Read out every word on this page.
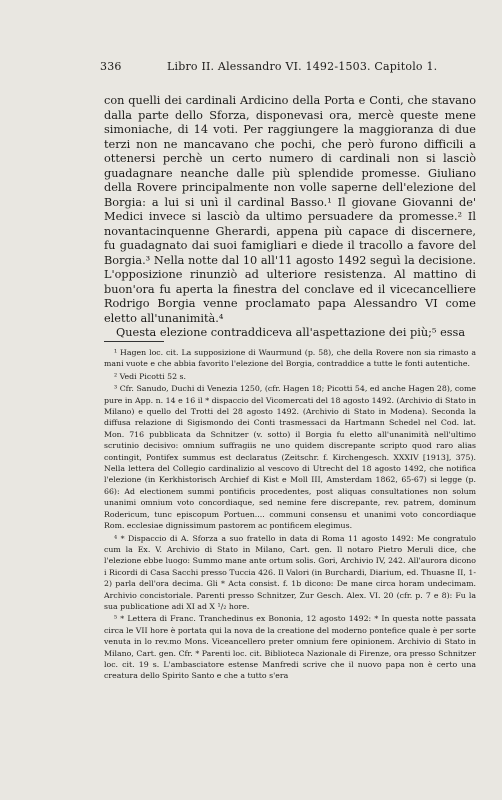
336	Libro II. Alessandro VI. 1492-1503. Capitolo 1.

con quelli dei cardinali Ardicino della Porta e Conti, che stavano dalla parte dello Sforza, disponevasi ora, mercè queste mene simoniache, di 14 voti. Per raggiungere la maggioranza di due terzi non ne mancavano che pochi, che però furono difficili a ottenersi perchè un certo numero di cardinali non si lasciò guadagnare neanche dalle più splendide promesse. Giuliano della Rovere principalmente non volle saperne dell'elezione del Borgia: a lui si unì il cardinal Basso.¹ Il giovane Giovanni de' Medici invece si lasciò da ultimo persuadere da promesse.² Il novantacinquenne Gherardi, appena più capace di discernere, fu guadagnato dai suoi famigliari e diede il tracollo a favore del Borgia.³ Nella notte dal 10 all'11 agosto 1492 seguì la decisione. L'opposizione rinunziò ad ulteriore resistenza. Al mattino di buon'ora fu aperta la finestra del conclave ed il vicecancelliere Rodrigo Borgia venne proclamato papa Alessandro VI come eletto all'unanimità.⁴

Questa elezione contraddiceva all'aspettazione dei più;⁵ essa

¹ Hagen loc. cit. La supposizione di Waurmund (p. 58), che della Rovere non sia rimasto a mani vuote e che abbia favorito l'elezione del Borgia, contraddice a tutte le fonti autentiche.

² Vedi Picotti 52 s.

³ Cfr. Sanudo, Duchi di Venezia 1250, (cfr. Hagen 18; Picotti 54, ed anche Hagen 28), come pure in App. n. 14 e 16 il * dispaccio del Vicomercati del 18 agosto 1492. (Archivio di Stato in Milano) e quello del Trotti del 28 agosto 1492. (Archivio di Stato in Modena). Seconda la diffusa relazione di Sigismondo dei Conti trasmessaci da Hartmann Schedel nel Cod. lat. Mon. 716 pubblicata da Schnitzer (v. sotto) il Borgia fu eletto all'unanimità nell'ultimo scrutinio decisivo: omnium suffragiis ne uno quidem discrepante scripto quod raro alias contingit, Pontifex summus est declaratus (Zeitschr. f. Kirchengesch. XXXIV [1913], 375). Nella lettera del Collegio cardinalizio al vescovo di Utrecht del 18 agosto 1492, che notifica l'elezione (in Kerkhistorisch Archief di Kist e Moll III, Amsterdam 1862, 65-67) si legge (p. 66): Ad electionem summi pontificis procedentes, post aliquas consultationes non solum unanimi omnium voto concordiaque, sed nemine fere discrepante, rev. patrem, dominum Rodericum, tunc episcopum Portuen.... communi consensu et unanimi voto concordiaque Rom. ecclesiae dignissimum pastorem ac pontificem elegimus.

⁴ * Dispaccio di A. Sforza a suo fratello in data di Roma 11 agosto 1492: Me congratulo cum la Ex. V. Archivio di Stato in Milano, Cart. gen. Il notaro Pietro Meruli dice, che l'elezione ebbe luogo: Summo mane ante ortum solis. Gori, Archivio IV, 242. All'aurora dicono i Ricordi di Casa Sacchi presso Tuccia 426. Il Valori (in Burchardi, Diarium, ed. Thuasne II, 1-2) parla dell'ora decima. Gli * Acta consist. f. 1b dicono: De mane circa horam undecimam. Archivio concistoriale. Parenti presso Schnitzer, Zur Gesch. Alex. VI. 20 (cfr. p. 7 e 8): Fu la sua publicatione adi XI ad X ¹/₂ hore.

⁵ * Lettera di Franc. Tranchedinus ex Bononia, 12 agosto 1492: * In questa notte passata circa le VII hore è portata qui la nova de la creatione del moderno pontefice quale è per sorte venuta in lo rev.mo Mons. Viceancellero preter omnium fere opinionem. Archivio di Stato in Milano, Cart. gen. Cfr. * Parenti loc. cit. Biblioteca Nazionale di Firenze, ora presso Schnitzer loc. cit. 19 s. L'ambasciatore estense Manfredi scrive che il nuovo papa non è certo una creatura dello Spirito Santo e che a tutto s'era
